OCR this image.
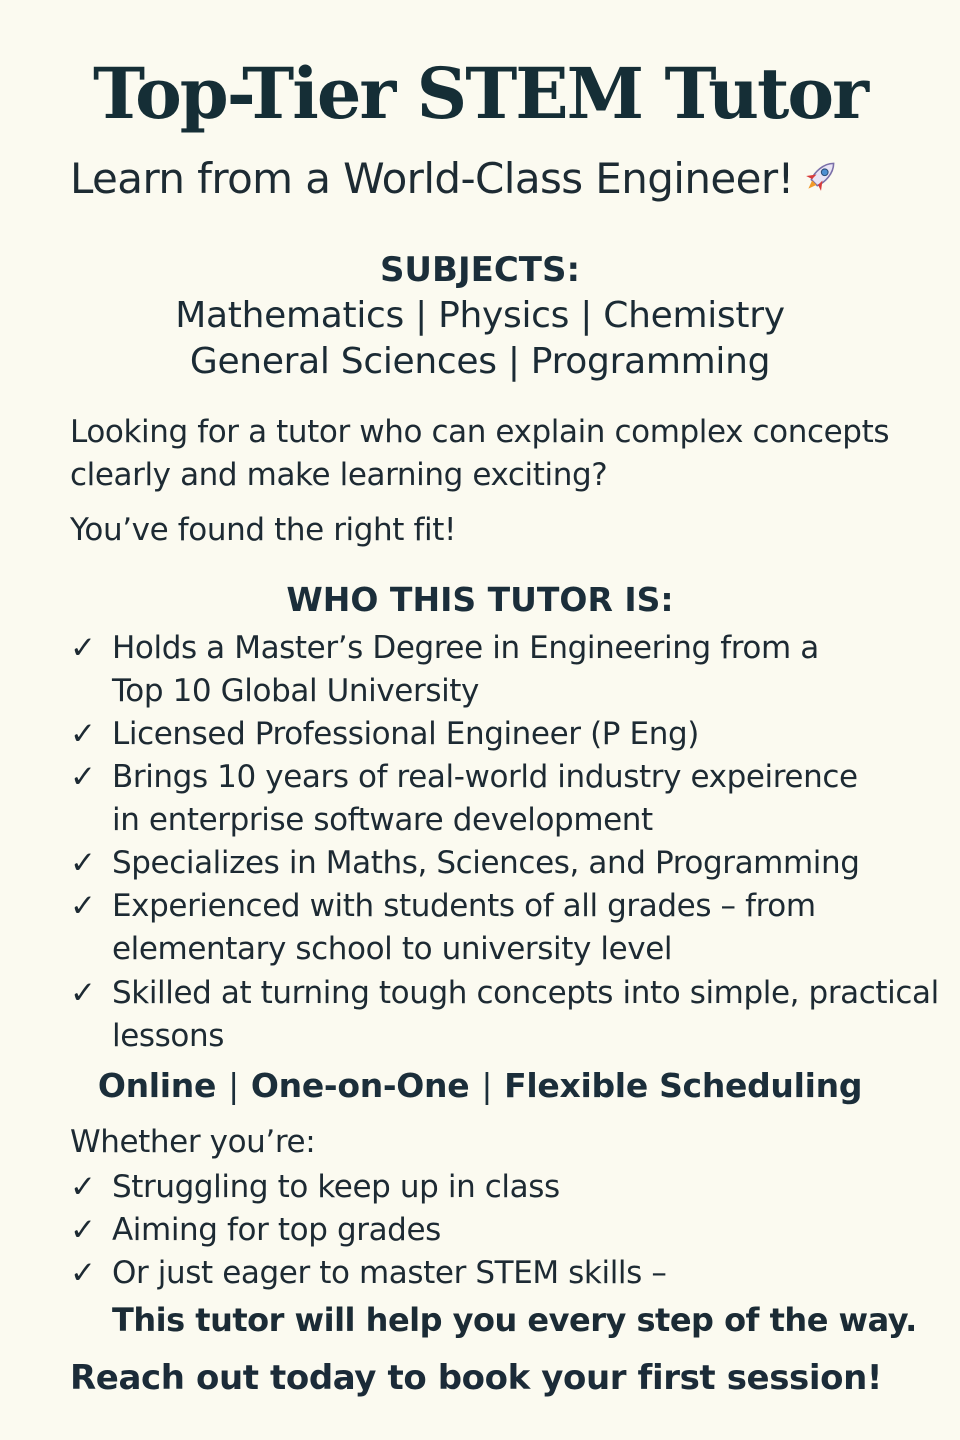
Top-Tier STEM Tutor
Learn from a World-Class Engineer!
SUBJECTS:
Mathematics | Physics | Chemistry
General Sciences | Programming
Looking for a tutor who can explain complex concepts
clearly and make learning exciting?
You’ve found the right fit!
WHO THIS TUTOR IS:
✓ Holds a Master’s Degree in Engineering from a
Top 10 Global University
✓ Licensed Professional Engineer (P Eng)
✓ Brings 10 years of real-world industry expeirence
in enterprise software development
✓ Specializes in Maths, Sciences, and Programming
✓ Experienced with students of all grades – from
elementary school to university level
✓ Skilled at turning tough concepts into simple, practical
lessons
Online | One-on-One | Flexible Scheduling
Whether you’re:
✓ Struggling to keep up in class
✓ Aiming for top grades
✓ Or just eager to master STEM skills –
This tutor will help you every step of the way.
Reach out today to book your first session!
